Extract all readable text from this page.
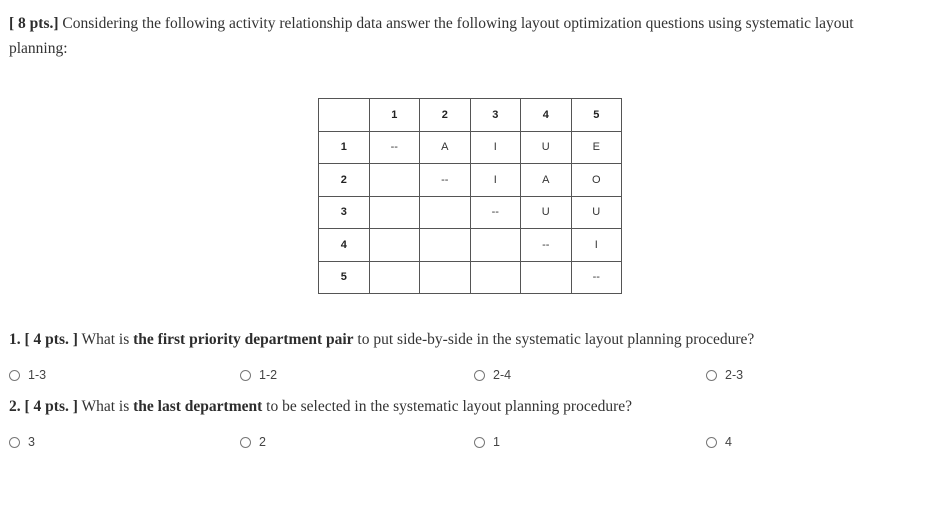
[ 8 pts.] Considering the following activity relationship data answer the following layout optimization questions using systematic layout planning:
	1	2	3	4	5
1	--	A	I	U	E
2		--	I	A	O
3			--	U	U
4				--	I
5					--
1. [ 4 pts. ] What is the first priority department pair to put side-by-side in the systematic layout planning procedure?
1-3	1-2	2-4	2-3
2. [ 4 pts. ] What is the last department to be selected in the systematic layout planning procedure?
3	2	1	4
